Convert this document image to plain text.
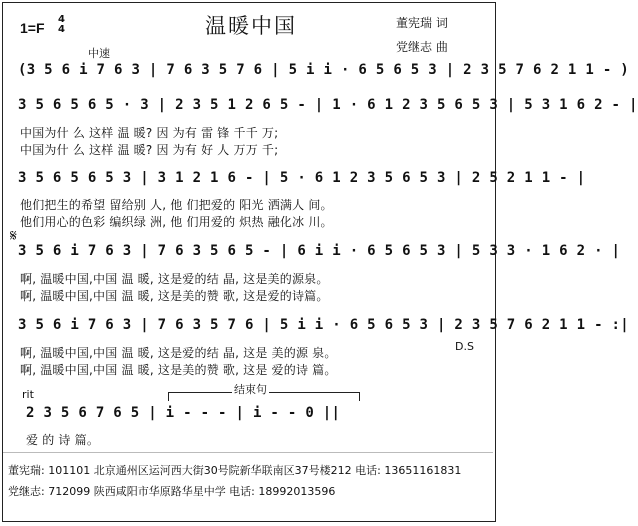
1=F
4
4	温暖中国	董宪瑞 词
党继志 曲
中速
(3 5 6 i 7 6 3 | 7 6 3 5 7 6 | 5 i i · 6 5 6 5 3 | 2 3 5 7 6 2 1 1 - )
3 5 6 5 6 5 · 3 | 2 3 5 1 2 6 5 - | 1 · 6 1 2 3 5 6 5 3 | 5 3 1 6 2 - |
中国为什 么 这样 温 暖? 因 为有 雷 锋 千千 万;
中国为什 么 这样 温 暖? 因 为有 好 人 万万 千;
3 5 6 5 6 5 3 | 3 1 2 1 6 - | 5 · 6 1 2 3 5 6 5 3 | 2 5 2 1 1 - |
他们把生的希望 留给别 人, 他 们把爱的 阳光 洒满人 间。
他们用心的色彩 编织绿 洲, 他 们用爱的 炽热 融化冰 川。
𝄋
3 5 6 i 7 6 3 | 7 6 3 5 6 5 - | 6 i i · 6 5 6 5 3 | 5 3 3 · 1 6 2 · |
啊, 温暖中国,中国 温 暖, 这是爱的结 晶, 这是美的源泉。
啊, 温暖中国,中国 温 暖, 这是美的赞 歌, 这是爱的诗篇。
3 5 6 i 7 6 3 | 7 6 3 5 7 6 | 5 i i · 6 5 6 5 3 | 2 3 5 7 6 2 1 1 - :|
D.S
啊, 温暖中国,中国 温 暖, 这是爱的结 晶, 这是 美的源 泉。
啊, 温暖中国,中国 温 暖, 这是美的赞 歌, 这是 爱的诗 篇。
rit	结束句
2 3 5 6 7 6 5 | i - - - | i - - 0 ||
爱 的 诗 篇。
董宪瑞: 101101 北京通州区运河西大街30号院新华联南区37号楼212 电话: 13651161831
党继志: 712099 陕西咸阳市华原路华星中学 电话: 18992013596
